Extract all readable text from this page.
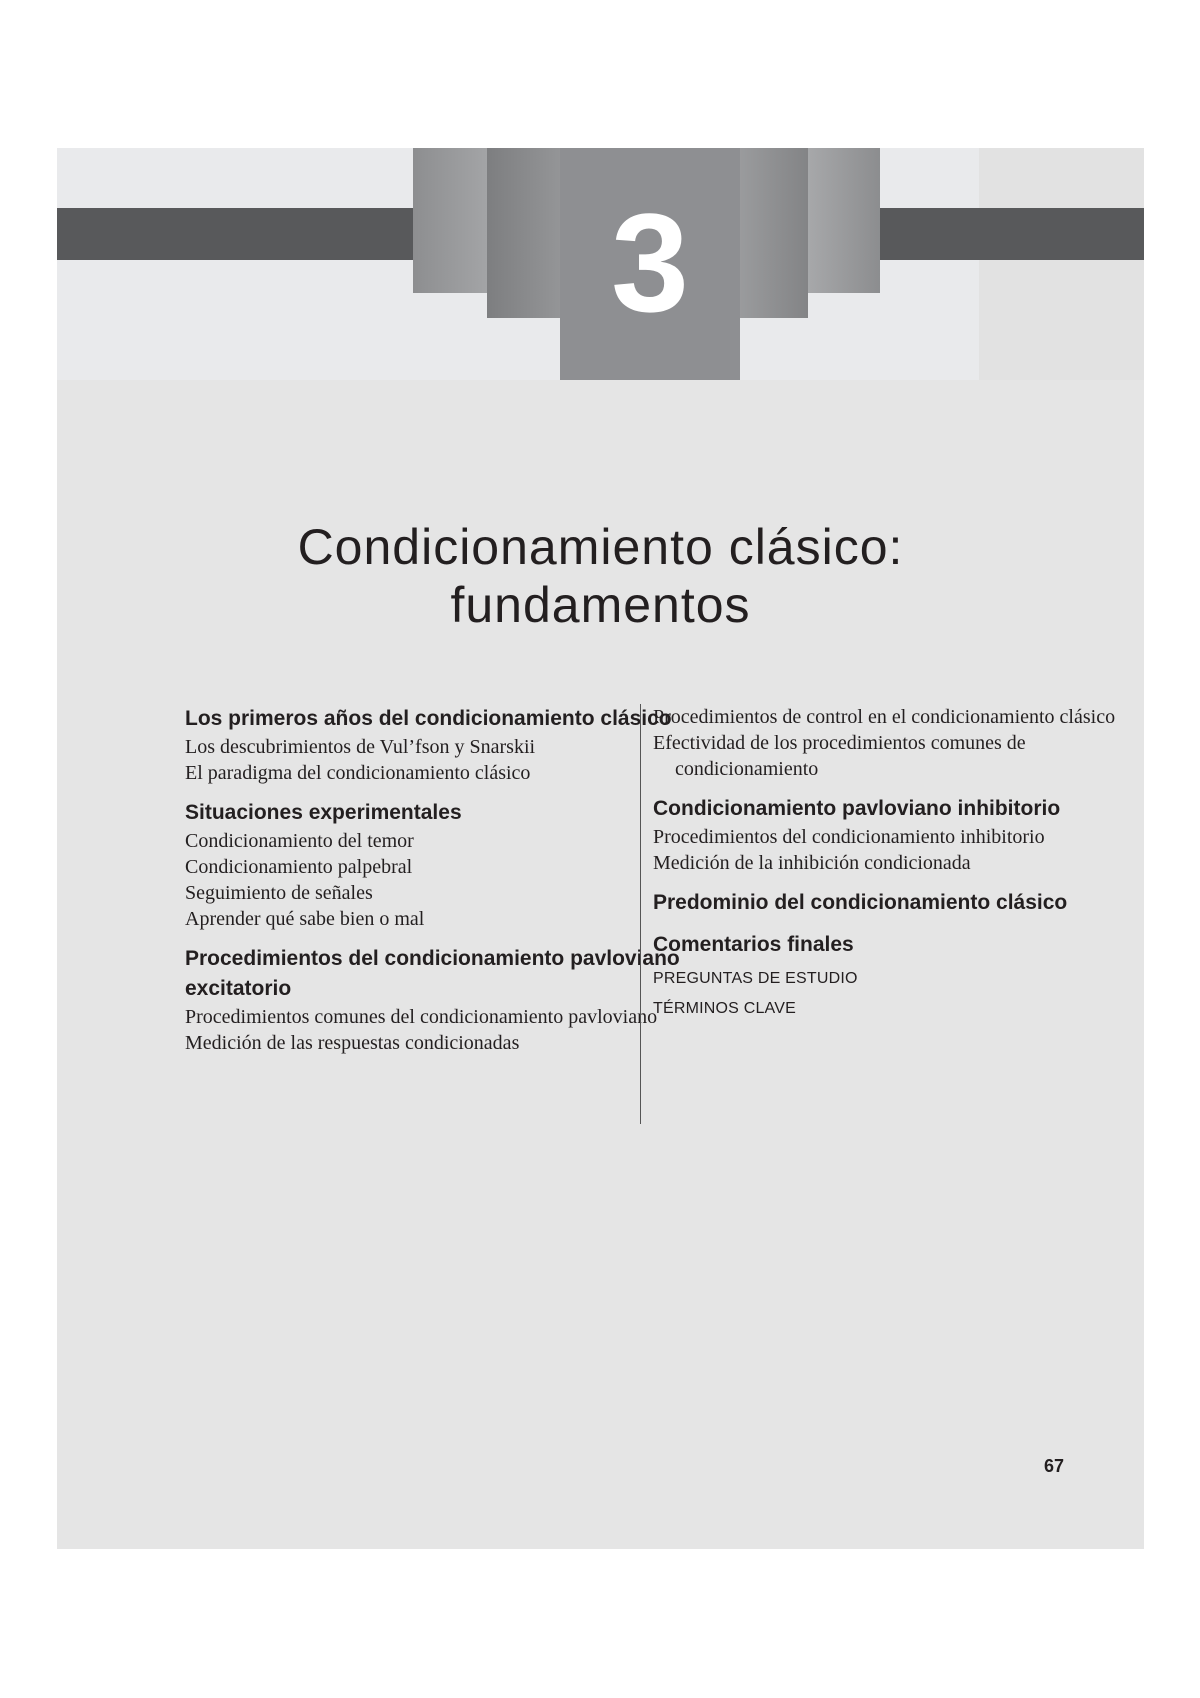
3
Condicionamiento clásico:
fundamentos
Los primeros años del condicionamiento clásico
Los descubrimientos de Vul’fson y Snarskii
El paradigma del condicionamiento clásico
Situaciones experimentales
Condicionamiento del temor
Condicionamiento palpebral
Seguimiento de señales
Aprender qué sabe bien o mal
Procedimientos del condicionamiento pavloviano excitatorio
Procedimientos comunes del condicionamiento pavloviano
Medición de las respuestas condicionadas
Procedimientos de control en el condicionamiento clásico
Efectividad de los procedimientos comunes de condicionamiento
Condicionamiento pavloviano inhibitorio
Procedimientos del condicionamiento inhibitorio
Medición de la inhibición condicionada
Predominio del condicionamiento clásico
Comentarios finales
PREGUNTAS DE ESTUDIO
TÉRMINOS CLAVE
67
